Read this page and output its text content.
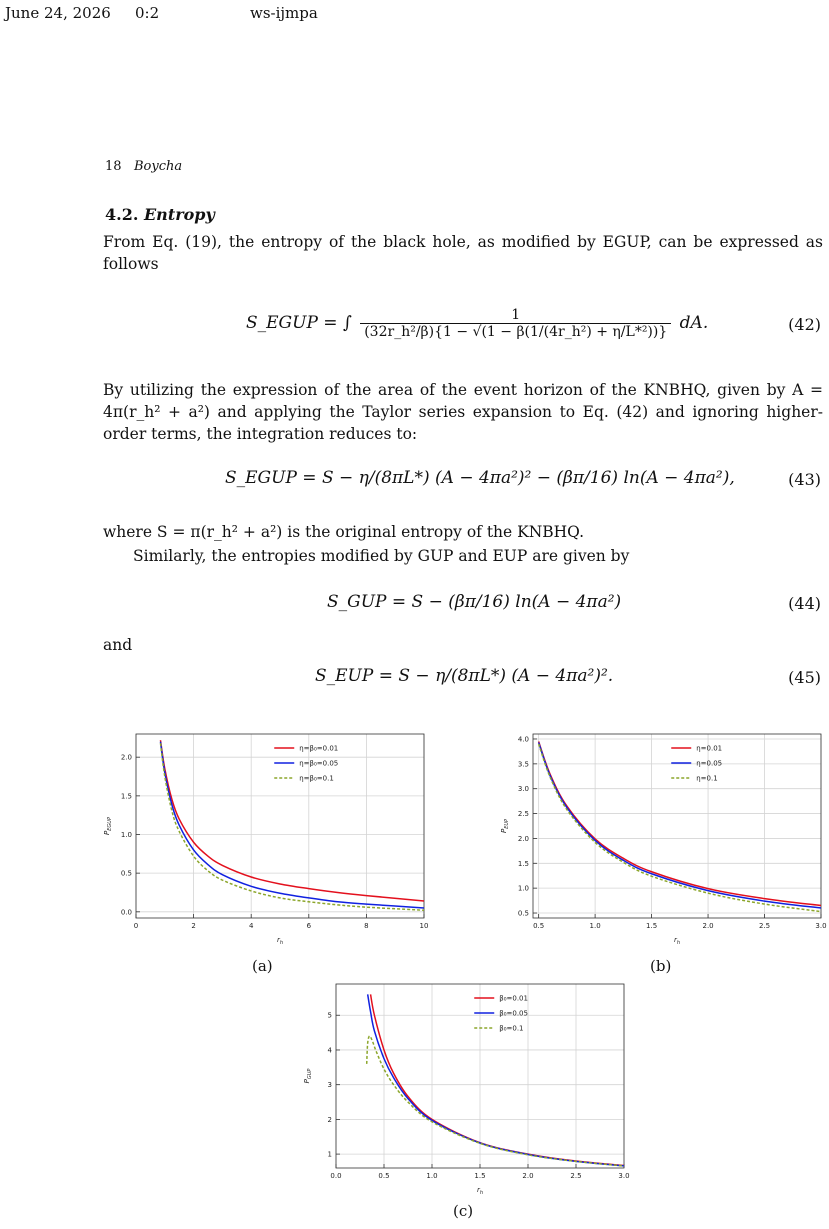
June 24, 2026 0:2	ws-ijmpa
18 Boycha
4.2. Entropy
From Eq. (19), the entropy of the black hole, as modified by EGUP, can be expressed as follows
S_EGUP = ∫ $\frac{1}{\text{(32r\_h²/β)\{1 − √(1 − β(1/(4r\_h²) + η/L*²))\}}}$ dA.	(42)
By utilizing the expression of the area of the event horizon of the KNBHQ, given by A = 4π(r_h² + a²) and applying the Taylor series expansion to Eq. (42) and ignoring higher-order terms, the integration reduces to:
S_EGUP = S − η/(8πL*) (A − 4πa²)² − (βπ/16) ln(A − 4πa²),	(43)
where S = π(r_h² + a²) is the original entropy of the KNBHQ.
Similarly, the entropies modified by GUP and EUP are given by
S_GUP = S − (βπ/16) ln(A − 4πa²)	(44)
and
S_EUP = S − η/(8πL*) (A − 4πa²)².	(45)
0	2	4	6	8	10
0.0
0.5
1.0
1.5
2.0
$r_h$
$P_{EGUP}$
η=β₀=0.01
η=β₀=0.05
η=β₀=0.1
(a)
0.5	1.0	1.5	2.0	2.5	3.0
0.5
1.0
1.5
2.0
2.5
3.0
3.5
4.0
$r_h$
$P_{EUP}$
η=0.01
η=0.05
η=0.1
(b)
0.0	0.5	1.0	1.5	2.0	2.5	3.0
1
2
3
4
5
$r_h$
$P_{GUP}$
β₀=0.01
β₀=0.05
β₀=0.1
(c)
